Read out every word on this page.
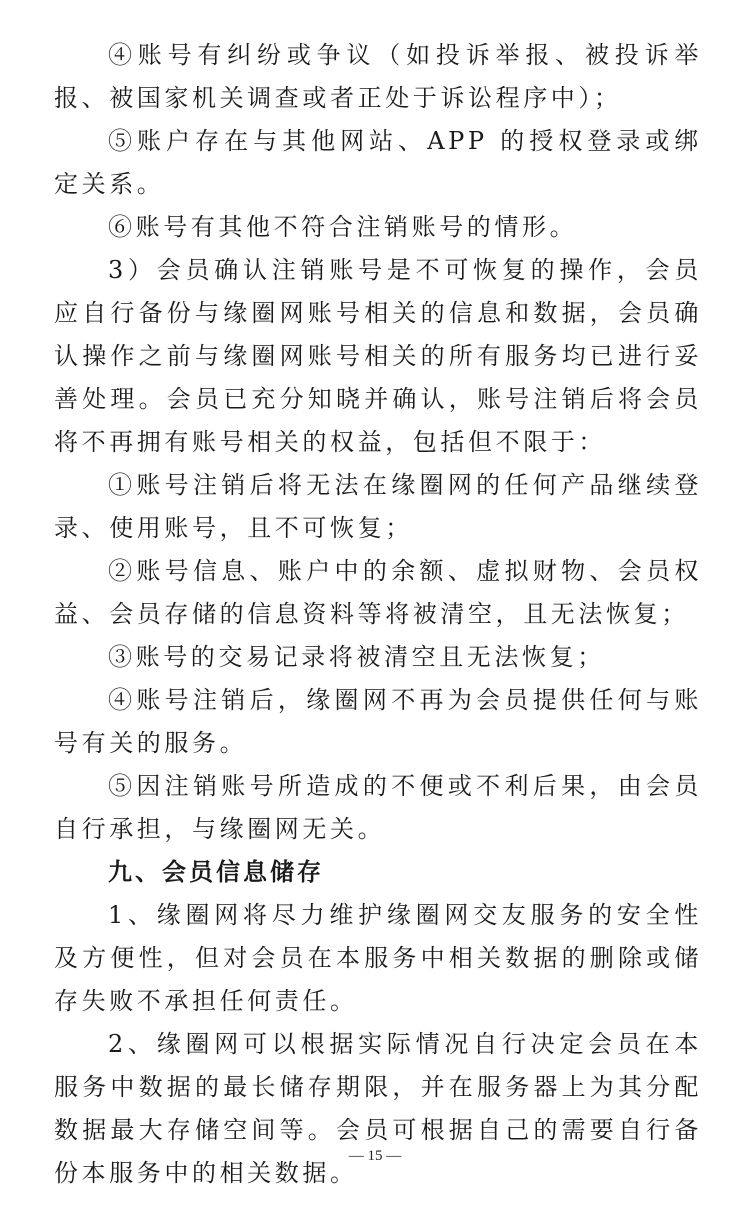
④账号有纠纷或争议（如投诉举报、被投诉举报、被国家机关调查或者正处于诉讼程序中）；

⑤账户存在与其他网站、APP 的授权登录或绑定关系。

⑥账号有其他不符合注销账号的情形。

3）会员确认注销账号是不可恢复的操作，会员应自行备份与缘圈网账号相关的信息和数据，会员确认操作之前与缘圈网账号相关的所有服务均已进行妥善处理。会员已充分知晓并确认，账号注销后将会员将不再拥有账号相关的权益，包括但不限于：

①账号注销后将无法在缘圈网的任何产品继续登录、使用账号，且不可恢复；

②账号信息、账户中的余额、虚拟财物、会员权益、会员存储的信息资料等将被清空，且无法恢复；

③账号的交易记录将被清空且无法恢复；

④账号注销后，缘圈网不再为会员提供任何与账号有关的服务。

⑤因注销账号所造成的不便或不利后果，由会员自行承担，与缘圈网无关。

九、会员信息储存

1、缘圈网将尽力维护缘圈网交友服务的安全性及方便性，但对会员在本服务中相关数据的删除或储存失败不承担任何责任。

2、缘圈网可以根据实际情况自行决定会员在本服务中数据的最长储存期限，并在服务器上为其分配数据最大存储空间等。会员可根据自己的需要自行备份本服务中的相关数据。

— 15 —
